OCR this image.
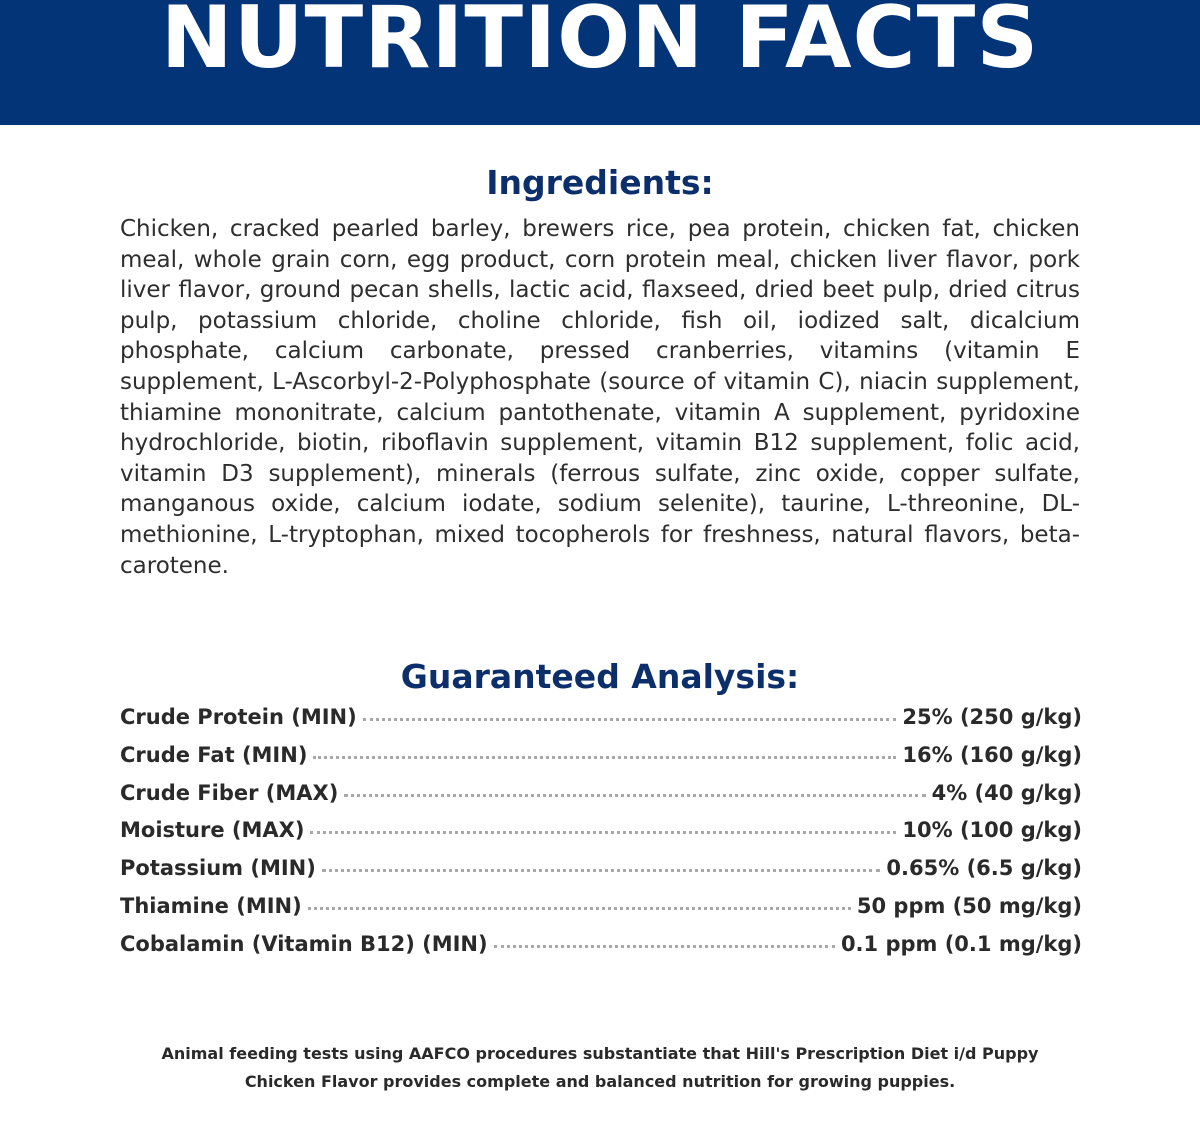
NUTRITION FACTS
Ingredients:

Chicken, cracked pearled barley, brewers rice, pea protein, chicken fat, chicken meal, whole grain corn, egg product, corn protein meal, chicken liver flavor, pork liver flavor, ground pecan shells, lactic acid, flaxseed, dried beet pulp, dried citrus pulp, potassium chloride, choline chloride, fish oil, iodized salt, dicalcium phosphate, calcium carbonate, pressed cranberries, vitamins (vitamin E supplement, L-Ascorbyl-2-Polyphosphate (source of vitamin C), niacin supplement, thiamine mononitrate, calcium pantothenate, vitamin A supplement, pyridoxine hydrochloride, biotin, riboflavin supplement, vitamin B12 supplement, folic acid, vitamin D3 supplement), minerals (ferrous sulfate, zinc oxide, copper sulfate, manganous oxide, calcium iodate, sodium selenite), taurine, L-threonine, DL-methionine, L-tryptophan, mixed tocopherols for freshness, natural flavors, beta-carotene.

Guaranteed Analysis:
Crude Protein (MIN)	25% (250 g/kg)
Crude Fat (MIN)	16% (160 g/kg)
Crude Fiber (MAX)	4% (40 g/kg)
Moisture (MAX)	10% (100 g/kg)
Potassium (MIN)	0.65% (6.5 g/kg)
Thiamine (MIN)	50 ppm (50 mg/kg)
Cobalamin (Vitamin B12) (MIN)	0.1 ppm (0.1 mg/kg)

Animal feeding tests using AAFCO procedures substantiate that Hill's Prescription Diet i/d Puppy
Chicken Flavor provides complete and balanced nutrition for growing puppies.
